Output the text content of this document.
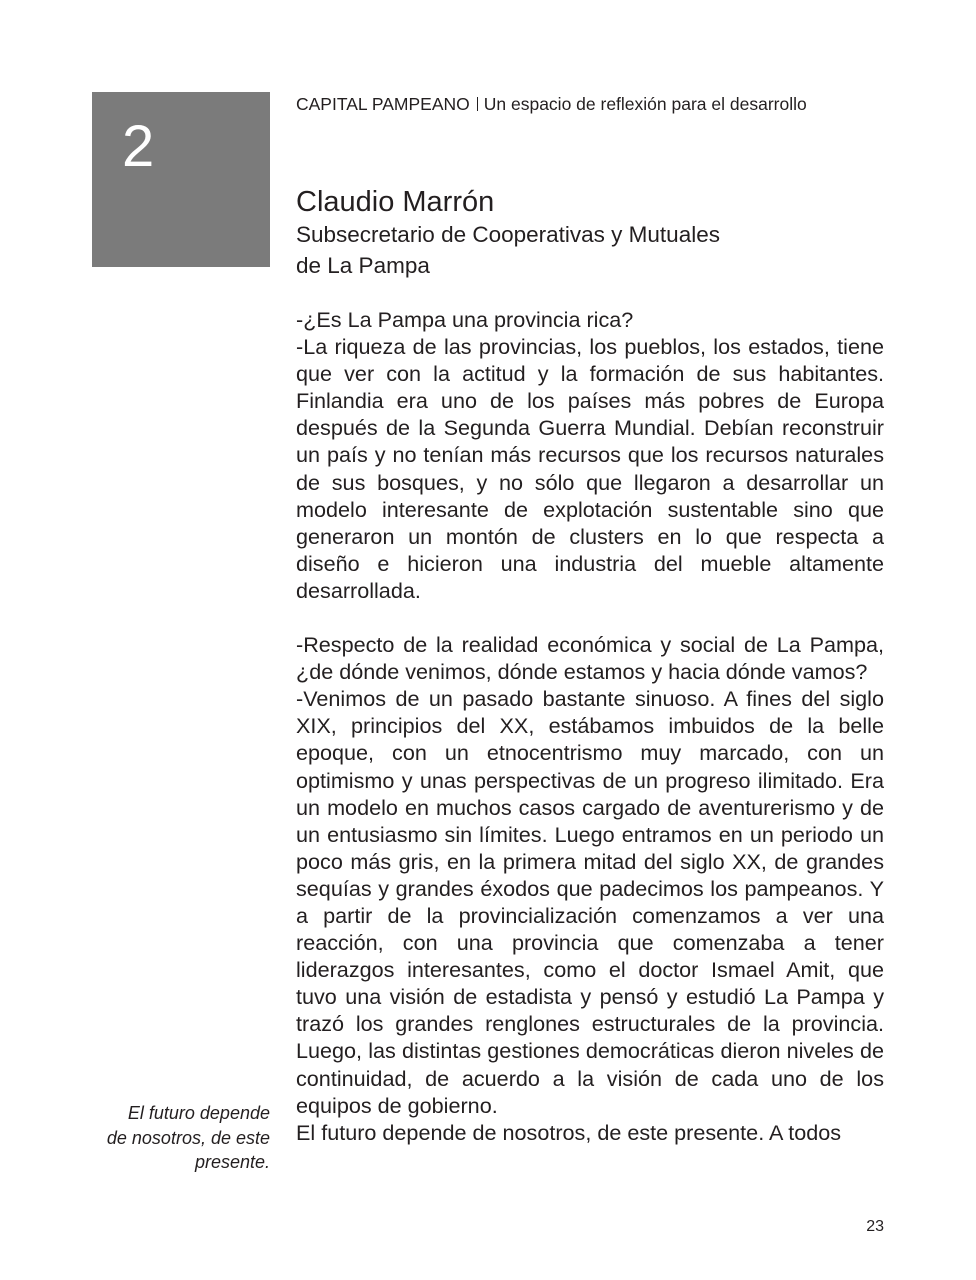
2
CAPITAL PAMPEANO Un espacio de reflexión para el desarrollo
Claudio Marrón
Subsecretario de Cooperativas y Mutuales
de La Pampa

-¿Es La Pampa una provincia rica?

-La riqueza de las provincias, los pueblos, los estados, tiene que ver con la actitud y la formación de sus habitantes. Finlandia era uno de los países más pobres de Europa después de la Segunda Guerra Mundial. Debían reconstruir un país y no tenían más recursos que los recursos naturales de sus bosques, y no sólo que llegaron a desarrollar un modelo interesante de explotación sustentable sino que generaron un montón de clusters en lo que respecta a diseño e hicieron una industria del mueble altamente desarrollada.

-Respecto de la realidad económica y social de La Pampa, ¿de dónde venimos, dónde estamos y hacia dónde vamos?

-Venimos de un pasado bastante sinuoso. A fines del siglo XIX, principios del XX, estábamos imbuidos de la belle epoque, con un etnocentrismo muy marcado, con un optimismo y unas perspectivas de un progreso ilimitado. Era un modelo en muchos casos cargado de aventurerismo y de un entusiasmo sin límites. Luego entramos en un periodo un poco más gris, en la primera mitad del siglo XX, de grandes sequías y grandes éxodos que padecimos los pampeanos. Y a partir de la provincialización comenzamos a ver una reacción, con una provincia que comenzaba a tener liderazgos interesantes, como el doctor Ismael Amit, que tuvo una visión de estadista y pensó y estudió La Pampa y trazó los grandes renglones estructurales de la provincia. Luego, las distintas gestiones democráticas dieron niveles de continuidad, de acuerdo a la visión de cada uno de los equipos de gobierno.

El futuro depende de nosotros, de este presente. A todos

El futuro depende
de nosotros, de este
presente.
23
